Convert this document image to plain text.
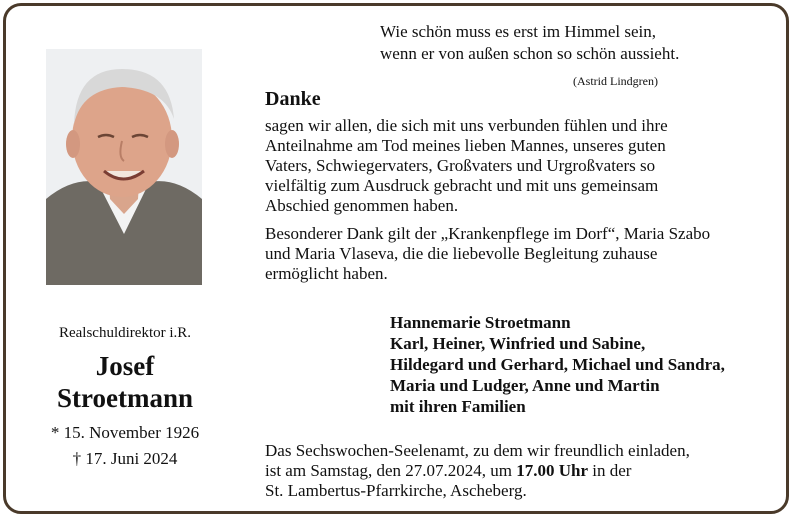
Realschuldirektor i.R.
Josef
Stroetmann
* 15. November 1926
† 17. Juni 2024
Wie schön muss es erst im Himmel sein,
wenn er von außen schon so schön aussieht.
(Astrid Lindgren)
Danke
sagen wir allen, die sich mit uns verbunden fühlen und ihre
Anteilnahme am Tod meines lieben Mannes, unseres guten
Vaters, Schwiegervaters, Großvaters und Urgroßvaters so
vielfältig zum Ausdruck gebracht und mit uns gemeinsam
Abschied genommen haben.
Besonderer Dank gilt der „Krankenpflege im Dorf“, Maria Szabo
und Maria Vlaseva, die die liebevolle Begleitung zuhause
ermöglicht haben.
Hannemarie Stroetmann
Karl, Heiner, Winfried und Sabine,
Hildegard und Gerhard, Michael und Sandra,
Maria und Ludger, Anne und Martin
mit ihren Familien
Das Sechswochen-Seelenamt, zu dem wir freundlich einladen,
ist am Samstag, den 27.07.2024, um 17.00 Uhr in der
St. Lambertus-Pfarrkirche, Ascheberg.
